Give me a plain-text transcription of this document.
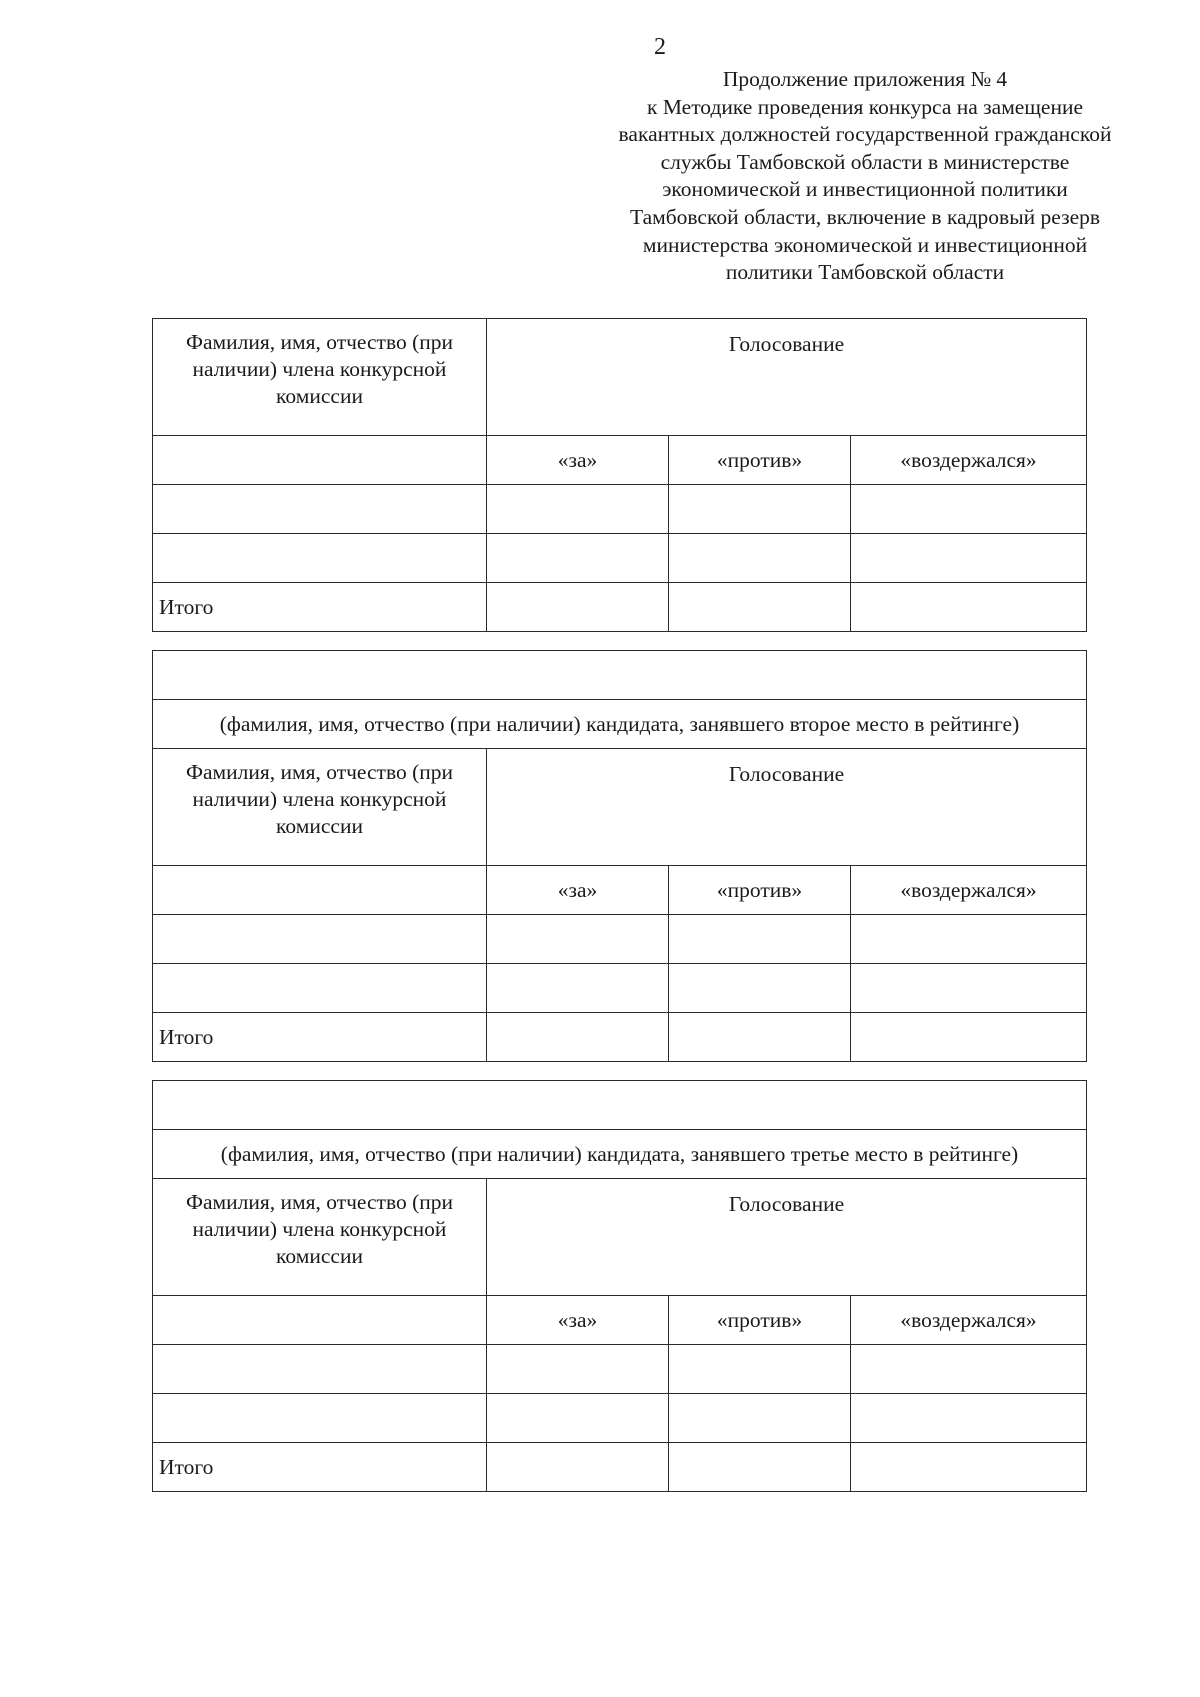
2
Продолжение приложения № 4
к Методике проведения конкурса на замещение
вакантных должностей государственной гражданской
службы Тамбовской области в министерстве
экономической и инвестиционной политики
Тамбовской области, включение в кадровый резерв
министерства экономической и инвестиционной
политики Тамбовской области
Фамилия, имя, отчество (при наличии) члена конкурсной комиссии	Голосование		
	«за»	«против»	«воздержался»

Итого			

(фамилия, имя, отчество (при наличии) кандидата, занявшего второе место в рейтинге)			
Фамилия, имя, отчество (при наличии) члена конкурсной комиссии	Голосование		
	«за»	«против»	«воздержался»

Итого			

(фамилия, имя, отчество (при наличии) кандидата, занявшего третье место в рейтинге)			
Фамилия, имя, отчество (при наличии) члена конкурсной комиссии	Голосование		
	«за»	«против»	«воздержался»

Итого			
